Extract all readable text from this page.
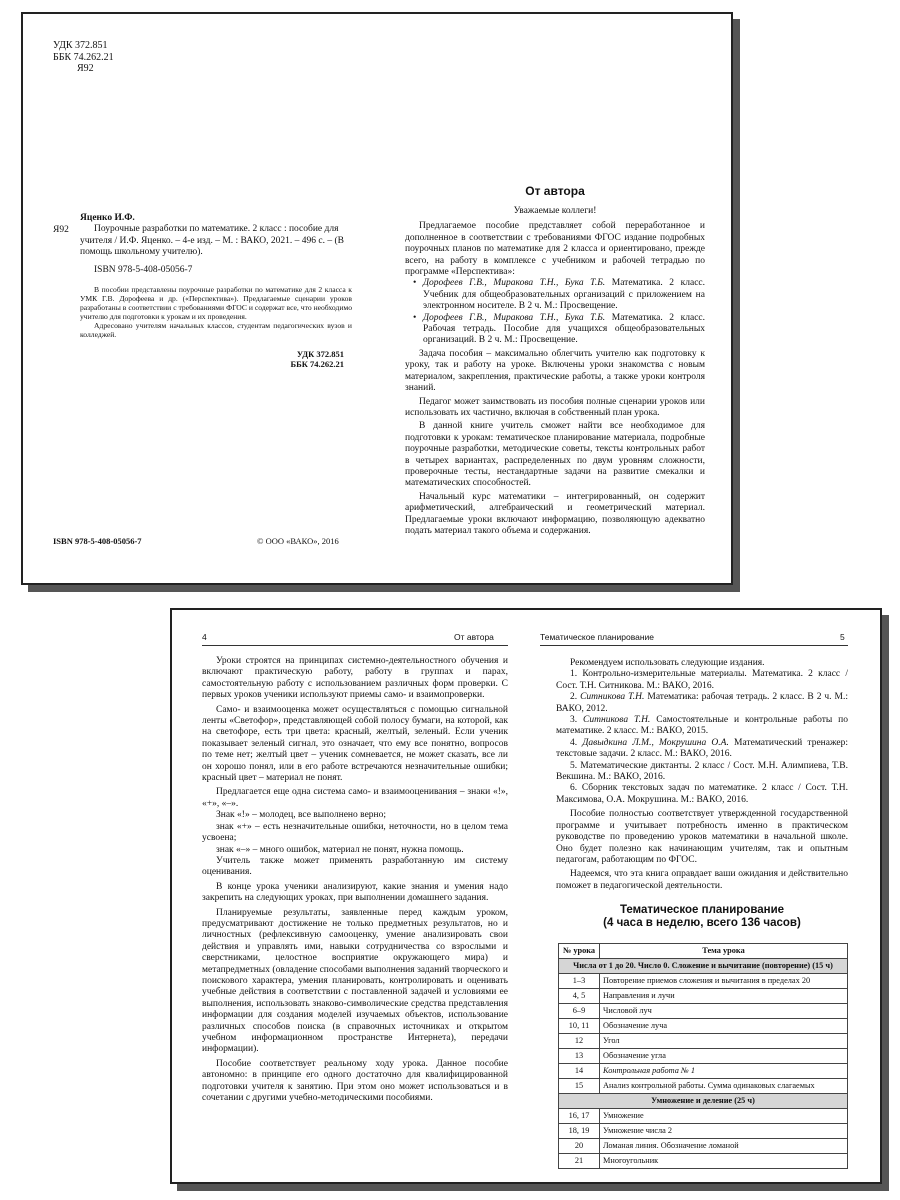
УДК 372.851
ББК 74.262.21
Я92
Я92

Яценко И.Ф.

Поурочные разработки по математике. 2 класс : пособие для учителя / И.Ф. Яценко. – 4-е изд. – М. : ВАКО, 2021. – 496 с. – (В помощь школьному учителю).

ISBN 978-5-408-05056-7

В пособии представлены поурочные разработки по математике для 2 класса к УМК Г.В. Дорофеева и др. («Перспектива»). Предлагаемые сценарии уроков разработаны в соответствии с требованиями ФГОС и содержат все, что необходимо учителю для подготовки к урокам и их проведения.

Адресовано учителям начальных классов, студентам педагогических вузов и колледжей.

УДК 372.851
ББК 74.262.21
ISBN 978-5-408-05056-7	© ООО «ВАКО», 2016
От автора
Уважаемые коллеги!

Предлагаемое пособие представляет собой переработанное и дополненное в соответствии с требованиями ФГОС издание подробных поурочных планов по математике для 2 класса и ориентировано, прежде всего, на работу в комплексе с учебником и рабочей тетрадью по программе «Перспектива»:

• Дорофеев Г.В., Миракова Т.Н., Бука Т.Б. Математика. 2 класс. Учебник для общеобразовательных организаций с приложением на электронном носителе. В 2 ч. М.: Просвещение.
• Дорофеев Г.В., Миракова Т.Н., Бука Т.Б. Математика. 2 класс. Рабочая тетрадь. Пособие для учащихся общеобразовательных организаций. В 2 ч. М.: Просвещение.

Задача пособия – максимально облегчить учителю как подготовку к уроку, так и работу на уроке. Включены уроки знакомства с новым материалом, закрепления, практические работы, а также уроки контроля знаний.

Педагог может заимствовать из пособия полные сценарии уроков или использовать их частично, включая в собственный план урока.

В данной книге учитель сможет найти все необходимое для подготовки к урокам: тематическое планирование материала, подробные поурочные разработки, методические советы, тексты контрольных работ в четырех вариантах, распределенных по двум уровням сложности, проверочные тесты, нестандартные задачи на развитие смекалки и математических способностей.

Начальный курс математики – интегрированный, он содержит арифметический, алгебраический и геометрический материал. Предлагаемые уроки включают информацию, позволяющую адекватно подать материал такого объема и содержания.

4	От автора

Уроки строятся на принципах системно-деятельностного обучения и включают практическую работу, работу в группах и парах, самостоятельную работу с использованием различных форм проверки. С первых уроков ученики используют приемы само- и взаимопроверки.

Само- и взаимооценка может осуществляться с помощью сигнальной ленты «Светофор», представляющей собой полосу бумаги, на которой, как на светофоре, есть три цвета: красный, желтый, зеленый. Если ученик показывает зеленый сигнал, это означает, что ему все понятно, вопросов по теме нет; желтый цвет – ученик сомневается, не может сказать, все ли он хорошо понял, или в его работе встречаются незначительные ошибки; красный цвет – материал не понят.

Предлагается еще одна система само- и взаимооценивания – знаки «!», «+», «–».

Знак «!» – молодец, все выполнено верно;

знак «+» – есть незначительные ошибки, неточности, но в целом тема усвоена;

знак «–» – много ошибок, материал не понят, нужна помощь.

Учитель также может применять разработанную им систему оценивания.

В конце урока ученики анализируют, какие знания и умения надо закрепить на следующих уроках, при выполнении домашнего задания.

Планируемые результаты, заявленные перед каждым уроком, предусматривают достижение не только предметных результатов, но и личностных (рефлексивную самооценку, умение анализировать свои действия и управлять ими, навыки сотрудничества со взрослыми и сверстниками, целостное восприятие окружающего мира) и метапредметных (овладение способами выполнения заданий творческого и поискового характера, умения планировать, контролировать и оценивать учебные действия в соответствии с поставленной задачей и условиями ее выполнения, использовать знаково-символические средства представления информации для создания моделей изучаемых объектов, использование различных способов поиска (в справочных источниках и открытом учебном информационном пространстве Интернета), передачи информации).

Пособие соответствует реальному ходу урока. Данное пособие автономно: в принципе его одного достаточно для квалифицированной подготовки учителя к занятию. При этом оно может использоваться и в сочетании с другими учебно-методическими пособиями.

Тематическое планирование	5

Рекомендуем использовать следующие издания.

1. Контрольно-измерительные материалы. Математика. 2 класс / Сост. Т.Н. Ситникова. М.: ВАКО, 2016.

2. Ситникова Т.Н. Математика: рабочая тетрадь. 2 класс. В 2 ч. М.: ВАКО, 2012.

3. Ситникова Т.Н. Самостоятельные и контрольные работы по математике. 2 класс. М.: ВАКО, 2015.

4. Давыдкина Л.М., Мокрушина О.А. Математический тренажер: текстовые задачи. 2 класс. М.: ВАКО, 2016.

5. Математические диктанты. 2 класс / Сост. М.Н. Алимпиева, Т.В. Векшина. М.: ВАКО, 2016.

6. Сборник текстовых задач по математике. 2 класс / Сост. Т.Н. Максимова, О.А. Мокрушина. М.: ВАКО, 2016.

Пособие полностью соответствует утвержденной государственной программе и учитывает потребность именно в практическом руководстве по проведению уроков математики в начальной школе. Оно будет полезно как начинающим учителям, так и опытным педагогам, работающим по ФГОС.

Надеемся, что эта книга оправдает ваши ожидания и действительно поможет в педагогической деятельности.

Тематическое планирование
(4 часа в неделю, всего 136 часов)
№ урока	Тема урока
Числа от 1 до 20. Число 0. Сложение и вычитание (повторение) (15 ч)	
1–3	Повторение приемов сложения и вычитания в пределах 20
4, 5	Направления и лучи
6–9	Числовой луч
10, 11	Обозначение луча
12	Угол
13	Обозначение угла
14	Контрольная работа № 1
15	Анализ контрольной работы. Сумма одинаковых слагаемых
Умножение и деление (25 ч)	
16, 17	Умножение
18, 19	Умножение числа 2
20	Ломаная линия. Обозначение ломаной
21	Многоугольник
